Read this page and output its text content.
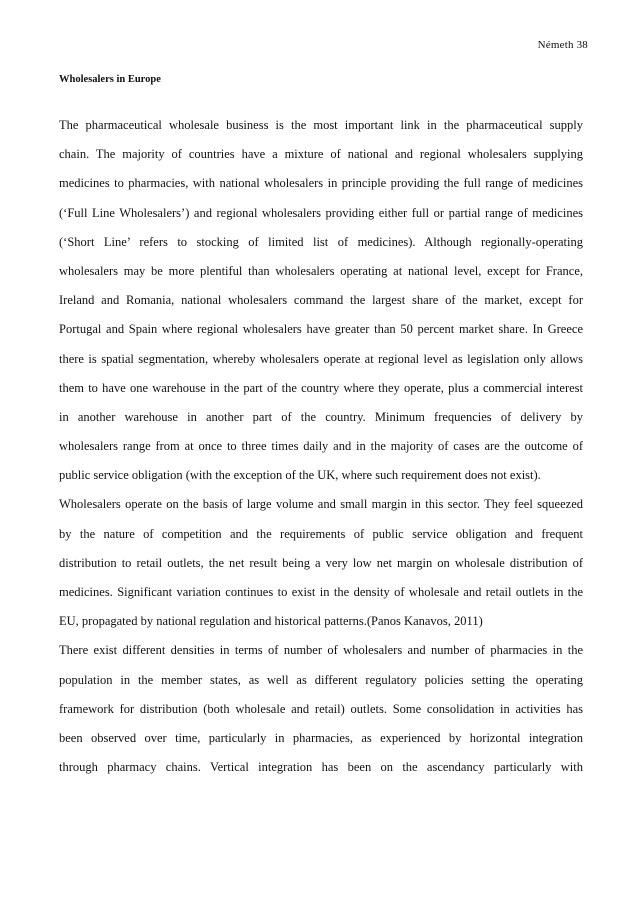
Németh 38
Wholesalers in Europe
The pharmaceutical wholesale business is the most important link in the pharmaceutical supply
chain. The majority of countries have a mixture of national and regional wholesalers supplying
medicines to pharmacies, with national wholesalers in principle providing the full range of medicines
(‘Full Line Wholesalers’) and regional wholesalers providing either full or partial range of medicines
(‘Short Line’ refers to stocking of limited list of medicines). Although regionally-operating
wholesalers may be more plentiful than wholesalers operating at national level, except for France,
Ireland and Romania, national wholesalers command the largest share of the market, except for
Portugal and Spain where regional wholesalers have greater than 50 percent market share. In Greece
there is spatial segmentation, whereby wholesalers operate at regional level as legislation only allows
them to have one warehouse in the part of the country where they operate, plus a commercial interest
in another warehouse in another part of the country. Minimum frequencies of delivery by
wholesalers range from at once to three times daily and in the majority of cases are the outcome of
public service obligation (with the exception of the UK, where such requirement does not exist).
Wholesalers operate on the basis of large volume and small margin in this sector. They feel squeezed
by the nature of competition and the requirements of public service obligation and frequent
distribution to retail outlets, the net result being a very low net margin on wholesale distribution of
medicines. Significant variation continues to exist in the density of wholesale and retail outlets in the
EU, propagated by national regulation and historical patterns.(Panos Kanavos, 2011)
There exist different densities in terms of number of wholesalers and number of pharmacies in the
population in the member states, as well as different regulatory policies setting the operating
framework for distribution (both wholesale and retail) outlets. Some consolidation in activities has
been observed over time, particularly in pharmacies, as experienced by horizontal integration
through pharmacy chains. Vertical integration has been on the ascendancy particularly with
